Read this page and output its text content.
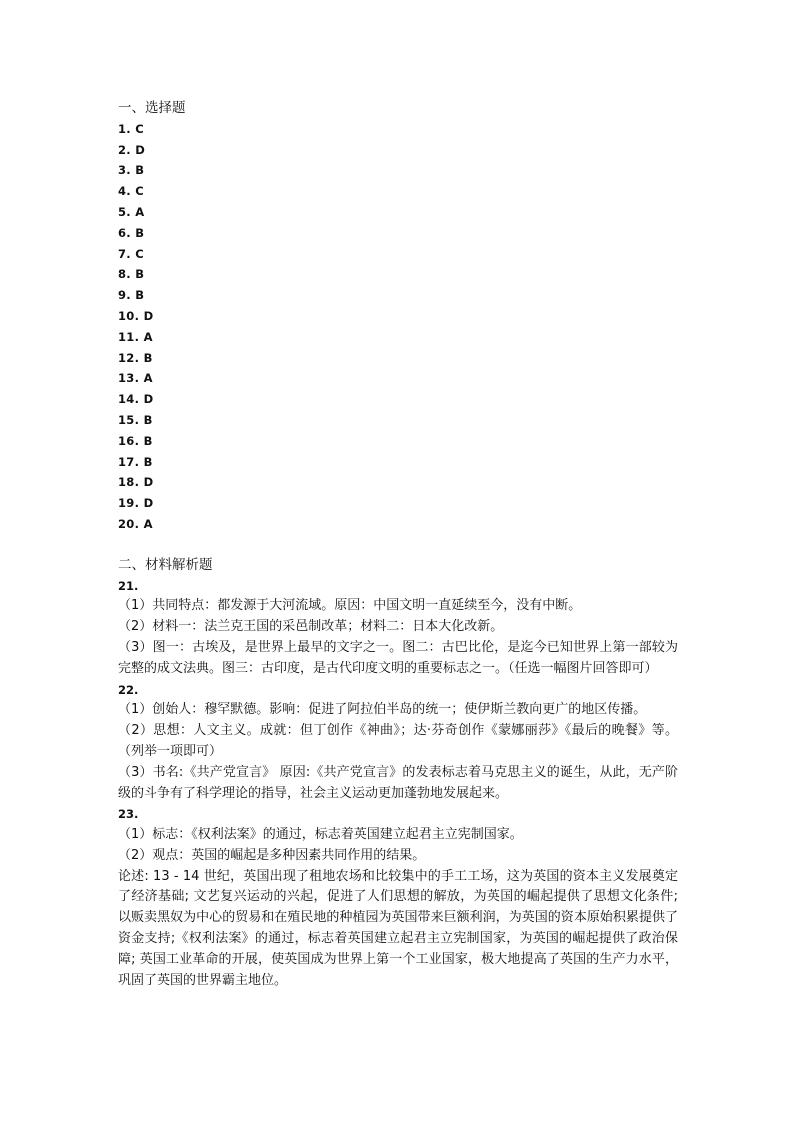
一、选择题

1. C

2. D

3. B

4. C

5. A

6. B

7. C

8. B

9. B

10. D

11. A

12. B

13. A

14. D

15. B

16. B

17. B

18. D

19. D

20. A

二、材料解析题

21.

（1）共同特点：都发源于大河流域。原因：中国文明一直延续至今，没有中断。

（2）材料一：法兰克王国的采邑制改革；材料二：日本大化改新。

（3）图一：古埃及，是世界上最早的文字之一。图二：古巴比伦，是迄今已知世界上第一部较为完整的成文法典。图三：古印度，是古代印度文明的重要标志之一。（任选一幅图片回答即可）

22.

（1）创始人：穆罕默德。影响：促进了阿拉伯半岛的统一；使伊斯兰教向更广的地区传播。

（2）思想：人文主义。成就：但丁创作《神曲》；达·芬奇创作《蒙娜丽莎》《最后的晚餐》等。（列举一项即可）

（3）书名:《共产党宣言》 原因:《共产党宣言》的发表标志着马克思主义的诞生，从此，无产阶级的斗争有了科学理论的指导，社会主义运动更加蓬勃地发展起来。

23.

（1）标志：《权利法案》的通过，标志着英国建立起君主立宪制国家。

（2）观点：英国的崛起是多种因素共同作用的结果。

论述: 13 - 14 世纪，英国出现了租地农场和比较集中的手工工场，这为英国的资本主义发展奠定了经济基础; 文艺复兴运动的兴起，促进了人们思想的解放，为英国的崛起提供了思想文化条件; 以贩卖黑奴为中心的贸易和在殖民地的种植园为英国带来巨额利润，为英国的资本原始积累提供了资金支持;《权利法案》的通过，标志着英国建立起君主立宪制国家，为英国的崛起提供了政治保障; 英国工业革命的开展，使英国成为世界上第一个工业国家，极大地提高了英国的生产力水平，巩固了英国的世界霸主地位。
